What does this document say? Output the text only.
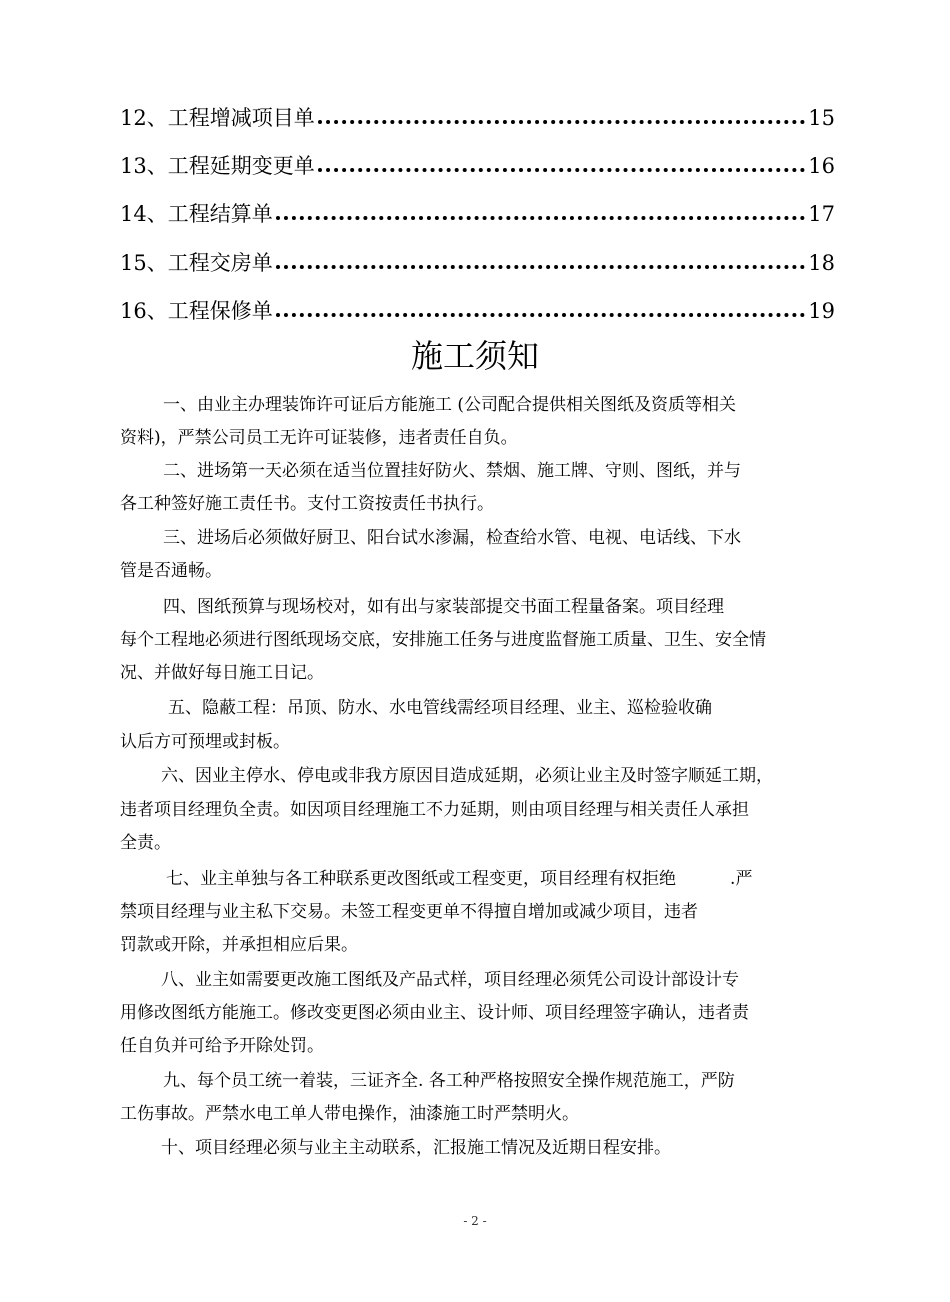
12、 工程增减项目单	15
13、 工程延期变更单	16
14、 工程结算单	17
15、 工程交房单	18
16、 工程保修单	19
施工须知
一、由业主办理装饰许可证后方能施工 (公司配合提供相关图纸及资质等相关
资料)，严禁公司员工无许可证装修，违者责任自负。
二、进场第一天必须在适当位置挂好防火、禁烟、施工牌、守则、图纸，并与
各工种签好施工责任书。支付工资按责任书执行。
三、进场后必须做好厨卫、阳台试水渗漏，检查给水管、电视、电话线、下水
管是否通畅。
四、图纸预算与现场校对，如有出与家装部提交书面工程量备案。项目经理
每个工程地必须进行图纸现场交底，安排施工任务与进度监督施工质量、卫生、安全情
况、并做好每日施工日记。
五、隐蔽工程：吊顶、防水、水电管线需经项目经理、业主、巡检验收确
认后方可预埋或封板。
六、因业主停水、停电或非我方原因目造成延期，必须让业主及时签字顺延工期，
违者项目经理负全责。如因项目经理施工不力延期，则由项目经理与相关责任人承担
全责。
七、业主单独与各工种联系更改图纸或工程变更，项目经理有权拒绝          .严
禁项目经理与业主私下交易。未签工程变更单不得擅自增加或减少项目，违者
罚款或开除，并承担相应后果。
八、业主如需要更改施工图纸及产品式样，项目经理必须凭公司设计部设计专
用修改图纸方能施工。修改变更图必须由业主、设计师、项目经理签字确认，违者责
任自负并可给予开除处罚。
九、每个员工统一着装，三证齐全. 各工种严格按照安全操作规范施工，严防
工伤事故。严禁水电工单人带电操作，油漆施工时严禁明火。
十、项目经理必须与业主主动联系，汇报施工情况及近期日程安排。
- 2 -
